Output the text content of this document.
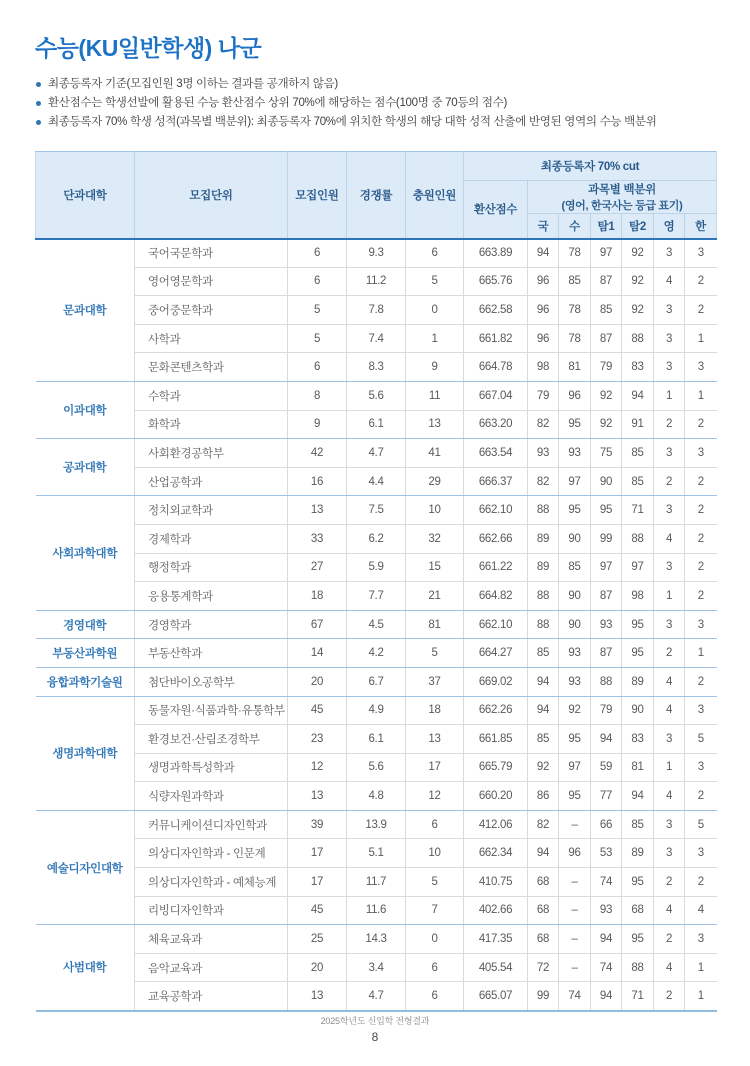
수능(KU일반학생) 나군
최종등록자 기준(모집인원 3명 이하는 결과를 공개하지 않음)
환산점수는 학생선발에 활용된 수능 환산점수 상위 70%에 해당하는 점수(100명 중 70등의 점수)
최종등록자 70% 학생 성적(과목별 백분위): 최종등록자 70%에 위치한 학생의 해당 대학 성적 산출에 반영된 영역의 수능 백분위
단과대학	모집단위	모집인원	경쟁률	충원인원	최종등록자 70% cut						
					환산점수	과목별 백분위
(영어, 한국사는 등급 표기)					

						국	수	탐1	탐2	영	한
문과대학	국어국문학과	6	9.3	6	663.89	94	78	97	92	3	3
	영어영문학과	6	11.2	5	665.76	96	85	87	92	4	2
	중어중문학과	5	7.8	0	662.58	96	78	85	92	3	2
	사학과	5	7.4	1	661.82	96	78	87	88	3	1
	문화콘텐츠학과	6	8.3	9	664.78	98	81	79	83	3	3
이과대학	수학과	8	5.6	11	667.04	79	96	92	94	1	1
	화학과	9	6.1	13	663.20	82	95	92	91	2	2
공과대학	사회환경공학부	42	4.7	41	663.54	93	93	75	85	3	3
	산업공학과	16	4.4	29	666.37	82	97	90	85	2	2
사회과학대학	정치외교학과	13	7.5	10	662.10	88	95	95	71	3	2
	경제학과	33	6.2	32	662.66	89	90	99	88	4	2
	행정학과	27	5.9	15	661.22	89	85	97	97	3	2
	응용통계학과	18	7.7	21	664.82	88	90	87	98	1	2
경영대학	경영학과	67	4.5	81	662.10	88	90	93	95	3	3
부동산과학원	부동산학과	14	4.2	5	664.27	85	93	87	95	2	1
융합과학기술원	첨단바이오공학부	20	6.7	37	669.02	94	93	88	89	4	2
생명과학대학	동물자원·식품과학·유통학부	45	4.9	18	662.26	94	92	79	90	4	3
	환경보건·산림조경학부	23	6.1	13	661.85	85	95	94	83	3	5
	생명과학특성학과	12	5.6	17	665.79	92	97	59	81	1	3
	식량자원과학과	13	4.8	12	660.20	86	95	77	94	4	2
예술디자인대학	커뮤니케이션디자인학과	39	13.9	6	412.06	82	–	66	85	3	5
	의상디자인학과 - 인문계	17	5.1	10	662.34	94	96	53	89	3	3
	의상디자인학과 - 예체능계	17	11.7	5	410.75	68	–	74	95	2	2
	리빙디자인학과	45	11.6	7	402.66	68	–	93	68	4	4
사범대학	체육교육과	25	14.3	0	417.35	68	–	94	95	2	3
	음악교육과	20	3.4	6	405.54	72	–	74	88	4	1
	교육공학과	13	4.7	6	665.07	99	74	94	71	2	1
2025학년도 신입학 전형결과
8
